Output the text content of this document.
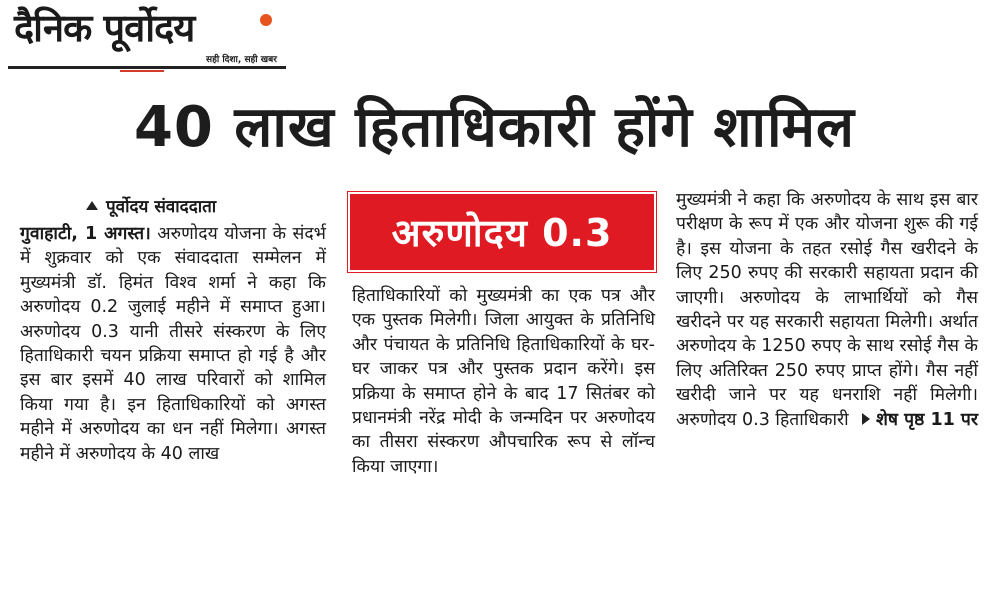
दैनिक पूर्वोदय
सही दिशा, सही खबर
40 लाख हिताधिकारी होंगे शामिल
पूर्वोदय संवाददाता

गुवाहाटी, 1 अगस्त। अरुणोदय योजना के संदर्भ में शुक्रवार को एक संवाददाता सम्मेलन में मुख्यमंत्री डॉ. हिमंत विश्व शर्मा ने कहा कि अरुणोदय 0.2 जुलाई महीने में समाप्त हुआ। अरुणोदय 0.3 यानी तीसरे संस्करण के लिए हिताधिकारी चयन प्रक्रिया समाप्त हो गई है और इस बार इसमें 40 लाख परिवारों को शामिल किया गया है। इन हिताधिकारियों को अगस्त महीने में अरुणोदय का धन नहीं मिलेगा। अगस्त महीने में अरुणोदय के 40 लाख

अरुणोदय 0.3

हिताधिकारियों को मुख्यमंत्री का एक पत्र और एक पुस्तक मिलेगी। जिला आयुक्त के प्रतिनिधि और पंचायत के प्रतिनिधि हिताधिकारियों के घर-घर जाकर पत्र और पुस्तक प्रदान करेंगे। इस प्रक्रिया के समाप्त होने के बाद 17 सितंबर को प्रधानमंत्री नरेंद्र मोदी के जन्मदिन पर अरुणोदय का तीसरा संस्करण औपचारिक रूप से लॉन्च किया जाएगा।

मुख्यमंत्री ने कहा कि अरुणोदय के साथ इस बार परीक्षण के रूप में एक और योजना शुरू की गई है। इस योजना के तहत रसोई गैस खरीदने के लिए 250 रुपए की सरकारी सहायता प्रदान की जाएगी। अरुणोदय के लाभार्थियों को गैस खरीदने पर यह सरकारी सहायता मिलेगी। अर्थात अरुणोदय के 1250 रुपए के साथ रसोई गैस के लिए अतिरिक्त 250 रुपए प्राप्त होंगे। गैस नहीं खरीदी जाने पर यह धनराशि नहीं मिलेगी। अरुणोदय 0.3 हिताधिकारी	शेष पृष्ठ 11 पर
